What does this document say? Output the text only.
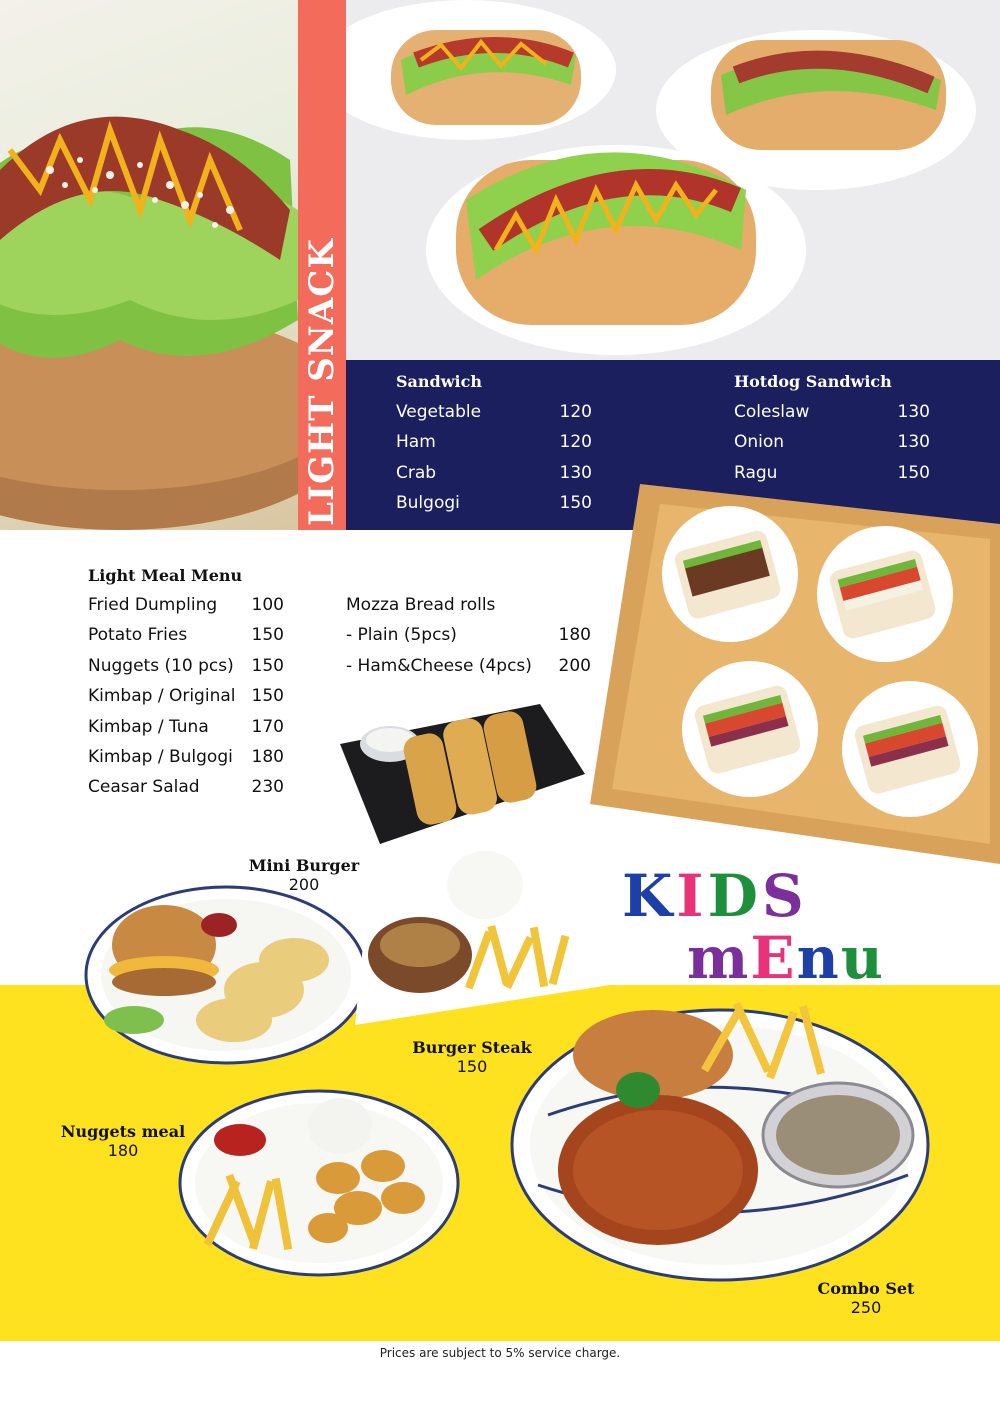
LIGHT SNACK	Sandwich
Vegetable	120
Ham	120
Crab	130
Bulgogi	150
Hotdog Sandwich
Coleslaw	130
Onion	130
Ragu	150
Light Meal Menu
Fried Dumpling 100
Potato Fries	150
Nuggets (10 pcs) 150
Kimbap / Original 150
Kimbap / Tuna	170
Kimbap / Bulgogi 180
Ceasar Salad	230
Mozza Bread rolls
- Plain (5pcs)	180
- Ham&Cheese (4pcs) 200
KIDS
mEnu
Mini Burger
200
Burger Steak
150
Nuggets meal
180
Combo Set
250
Prices are subject to 5% service charge.
